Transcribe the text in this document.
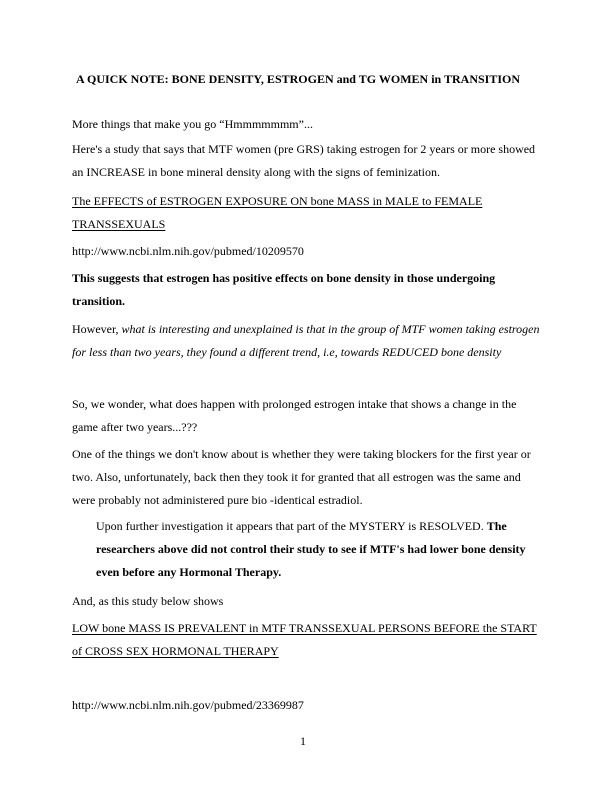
A QUICK NOTE: BONE DENSITY, ESTROGEN and TG WOMEN in TRANSITION
More things that make you go “Hmmmmmmm”...
Here's a study that says that MTF women (pre GRS) taking estrogen for 2 years or more showed an INCREASE in bone mineral density along with the signs of feminization.
The EFFECTS of ESTROGEN EXPOSURE ON bone MASS in MALE to FEMALE TRANSSEXUALS
http://www.ncbi.nlm.nih.gov/pubmed/10209570
This suggests that estrogen has positive effects on bone density in those undergoing transition.
However, what is interesting and unexplained is that in the group of MTF women taking estrogen for less than two years, they found a different trend, i.e, towards REDUCED bone density
So, we wonder, what does happen with prolonged estrogen intake that shows a change in the game after two years...???
One of the things we don't know about is whether they were taking blockers for the first year or two. Also, unfortunately, back then they took it for granted that all estrogen was the same and were probably not administered pure bio -identical estradiol.
Upon further investigation it appears that part of the MYSTERY is RESOLVED. The researchers above did not control their study to see if MTF's had lower bone density even before any Hormonal Therapy.
And, as this study below shows
LOW bone MASS IS PREVALENT in MTF TRANSSEXUAL PERSONS BEFORE the START of CROSS SEX HORMONAL THERAPY
http://www.ncbi.nlm.nih.gov/pubmed/23369987
1
